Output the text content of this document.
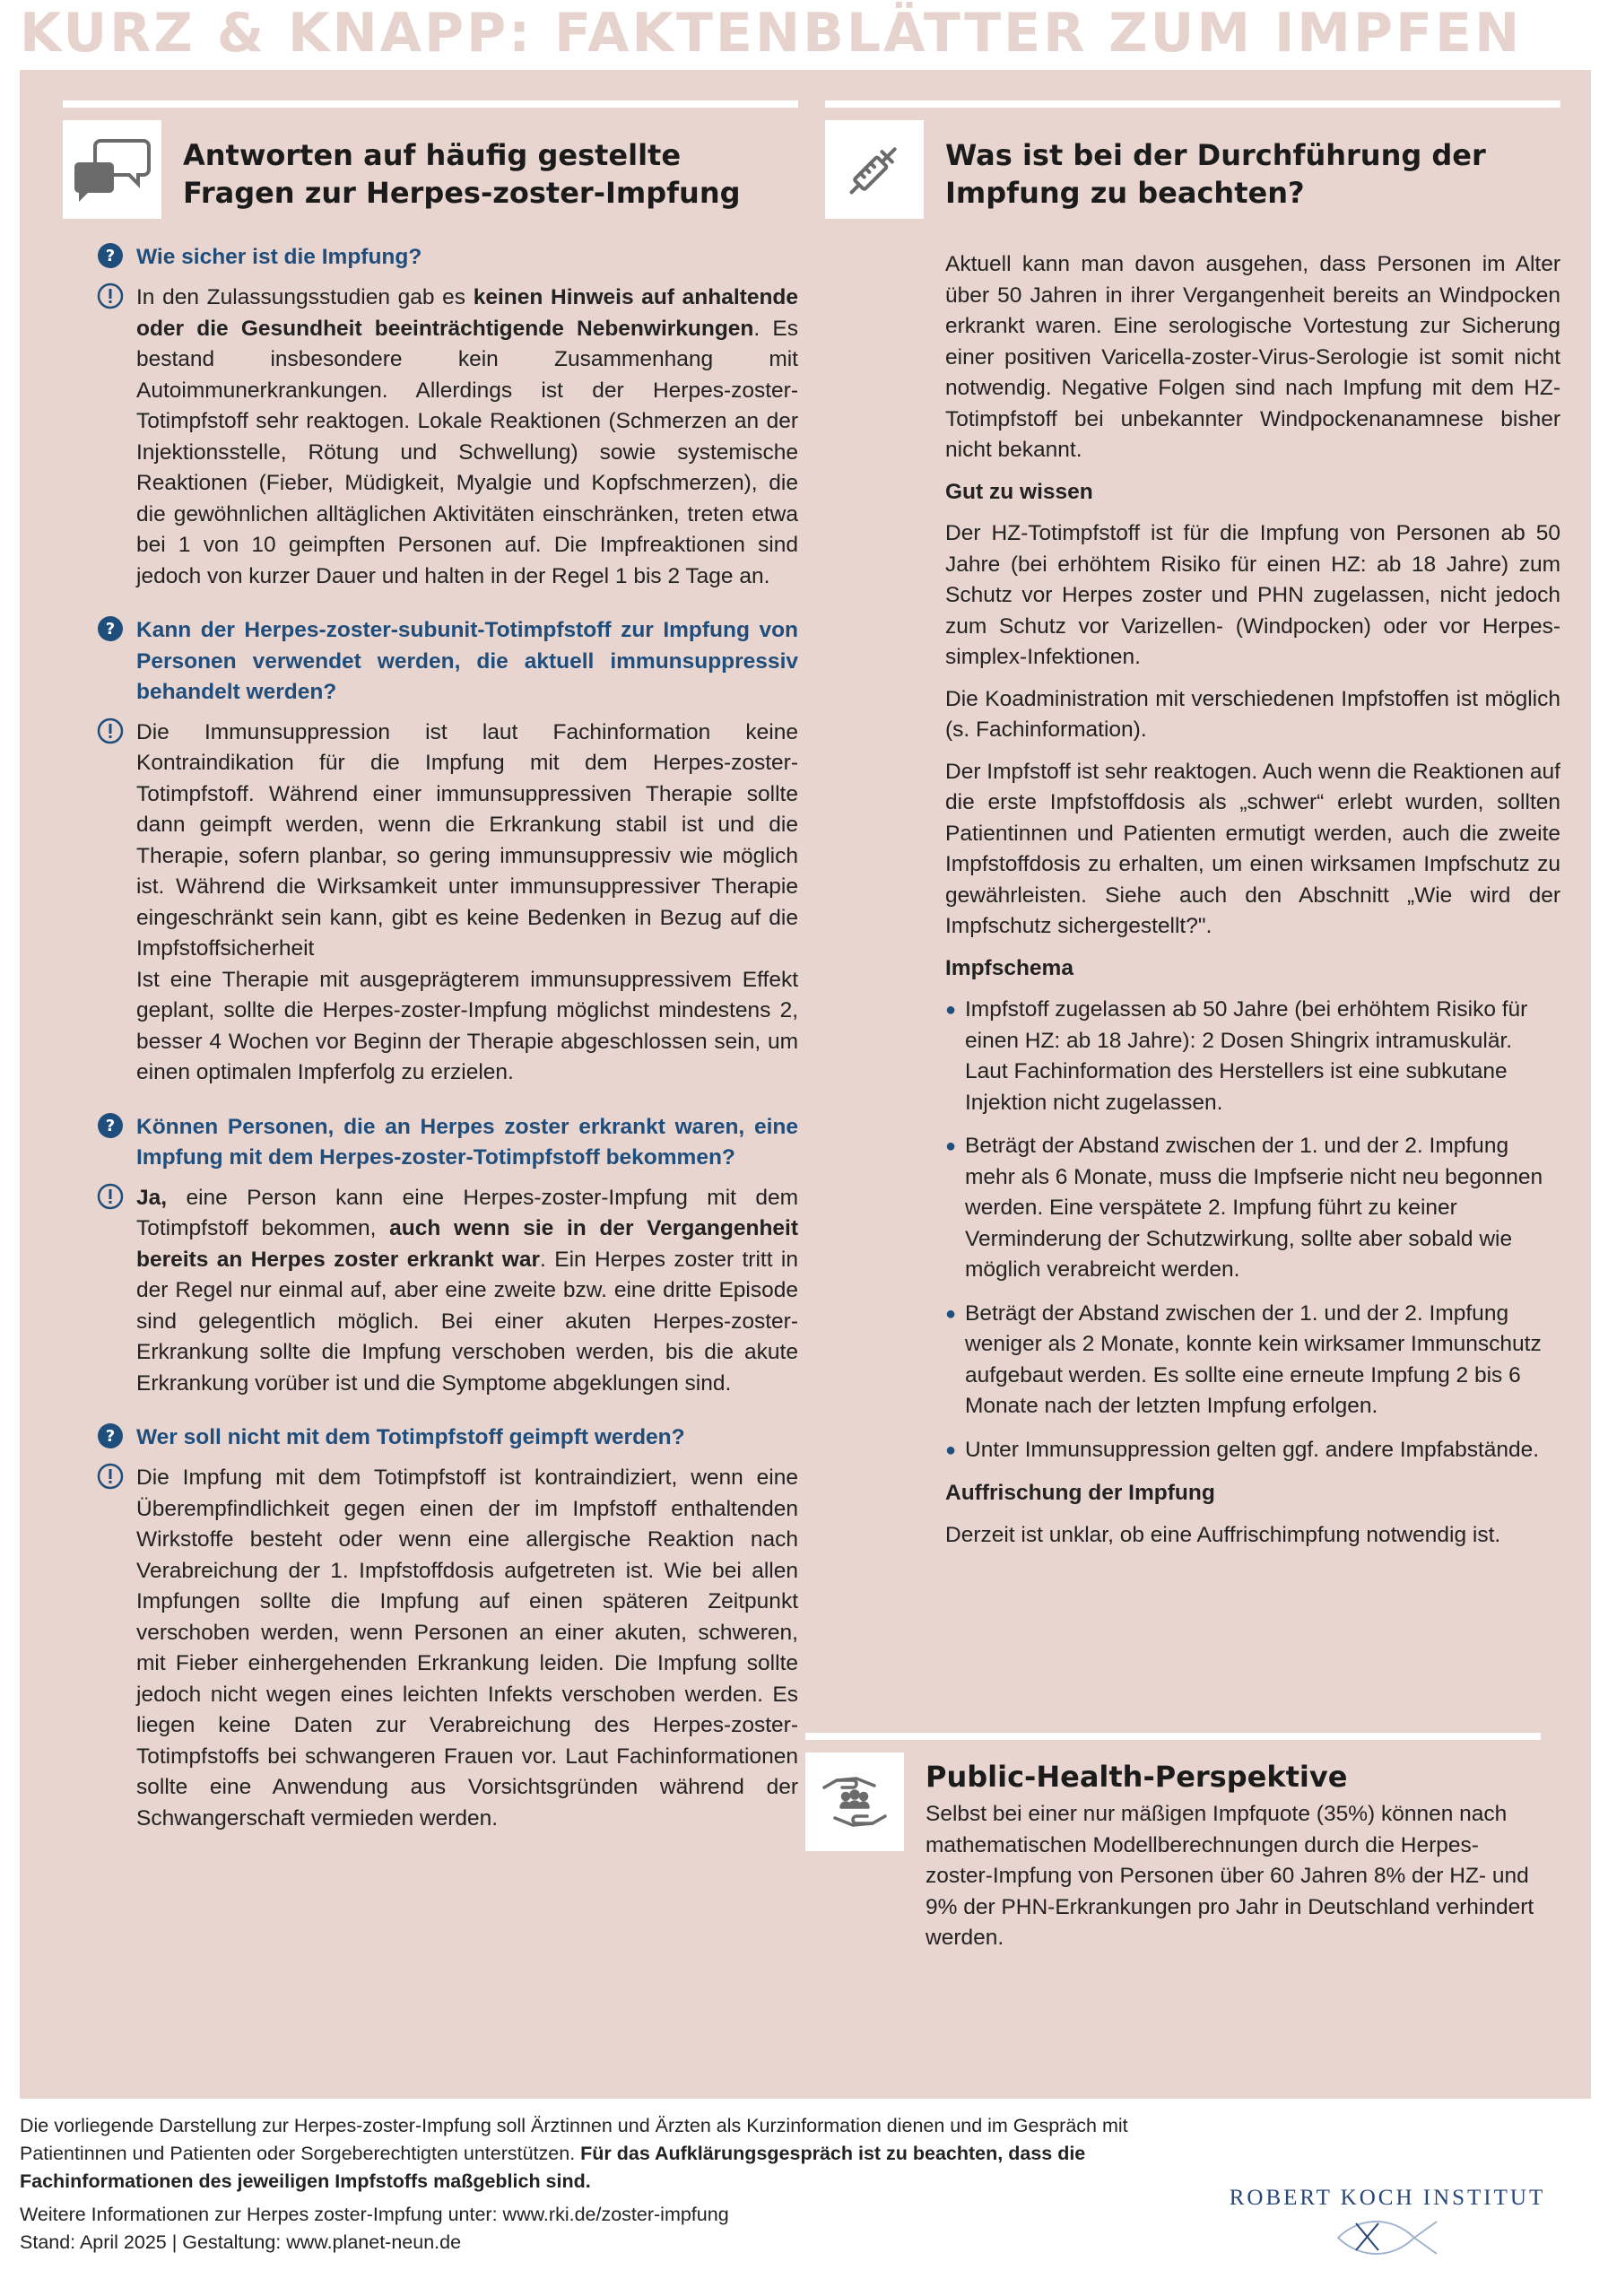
KURZ & KNAPP: FAKTENBLÄTTER ZUM IMPFEN
Antworten auf häufig gestellte
Fragen zur Herpes-zoster-Impfung
? Wie sicher ist die Impfung?

In den Zulassungsstudien gab es keinen Hinweis auf anhaltende oder die Gesundheit beeinträchtigende Nebenwirkungen. Es bestand insbesondere kein Zusammenhang mit Autoimmunerkrankungen. Allerdings ist der Herpes-zoster-Totimpfstoff sehr reaktogen. Lokale Reaktionen (Schmerzen an der Injektionsstelle, Rötung und Schwellung) sowie systemische Reaktionen (Fieber, Müdigkeit, Myalgie und Kopfschmerzen), die die gewöhnlichen alltäglichen Aktivitäten einschränken, treten etwa bei 1 von 10 geimpften Personen auf. Die Impfreaktionen sind jedoch von kurzer Dauer und halten in der Regel 1 bis 2 Tage an.

? Kann der Herpes-zoster-subunit-Totimpfstoff zur Impfung von Personen verwendet werden, die aktuell immunsuppressiv behandelt werden?

Die Immunsuppression ist laut Fachinformation keine Kontraindikation für die Impfung mit dem Herpes-zoster-Totimpfstoff. Während einer immunsuppressiven Therapie sollte dann geimpft werden, wenn die Erkrankung stabil ist und die Therapie, sofern planbar, so gering immunsuppressiv wie möglich ist. Während die Wirksamkeit unter immunsuppressiver Therapie eingeschränkt sein kann, gibt es keine Bedenken in Bezug auf die Impfstoffsicherheit

Ist eine Therapie mit ausgeprägterem immunsuppressivem Effekt geplant, sollte die Herpes-zoster-Impfung möglichst mindestens 2, besser 4 Wochen vor Beginn der Therapie abgeschlossen sein, um einen optimalen Impferfolg zu erzielen.

? Können Personen, die an Herpes zoster erkrankt waren, eine Impfung mit dem Herpes-zoster-Totimpfstoff bekommen?

Ja, eine Person kann eine Herpes-zoster-Impfung mit dem Totimpfstoff bekommen, auch wenn sie in der Vergangenheit bereits an Herpes zoster erkrankt war. Ein Herpes zoster tritt in der Regel nur einmal auf, aber eine zweite bzw. eine dritte Episode sind gelegentlich möglich. Bei einer akuten Herpes-zoster-Erkrankung sollte die Impfung verschoben werden, bis die akute Erkrankung vorüber ist und die Symptome abgeklungen sind.

? Wer soll nicht mit dem Totimpfstoff geimpft werden?

Die Impfung mit dem Totimpfstoff ist kontraindiziert, wenn eine Überempfindlichkeit gegen einen der im Impfstoff enthaltenden Wirkstoffe besteht oder wenn eine allergische Reaktion nach Verabreichung der 1. Impfstoffdosis aufgetreten ist. Wie bei allen Impfungen sollte die Impfung auf einen späteren Zeitpunkt verschoben werden, wenn Personen an einer akuten, schweren, mit Fieber einhergehenden Erkrankung leiden. Die Impfung sollte jedoch nicht wegen eines leichten Infekts verschoben werden. Es liegen keine Daten zur Verabreichung des Herpes-zoster-Totimpfstoffs bei schwangeren Frauen vor. Laut Fachinformationen sollte eine Anwendung aus Vorsichtsgründen während der Schwangerschaft vermieden werden.

Was ist bei der Durchführung der
Impfung zu beachten?

Aktuell kann man davon ausgehen, dass Personen im Alter über 50 Jahren in ihrer Vergangenheit bereits an Windpocken erkrankt waren. Eine serologische Vortestung zur Sicherung einer positiven Varicella-zoster-Virus-Serologie ist somit nicht notwendig. Negative Folgen sind nach Impfung mit dem HZ-Totimpfstoff bei unbekannter Windpockenanamnese bisher nicht bekannt.

Gut zu wissen

Der HZ-Totimpfstoff ist für die Impfung von Personen ab 50 Jahre (bei erhöhtem Risiko für einen HZ: ab 18 Jahre) zum Schutz vor Herpes zoster und PHN zugelassen, nicht jedoch zum Schutz vor Varizellen- (Windpocken) oder vor Herpes-simplex-Infektionen.

Die Koadministration mit verschiedenen Impfstoffen ist möglich (s. Fachinformation).

Der Impfstoff ist sehr reaktogen. Auch wenn die Reaktionen auf die erste Impfstoffdosis als „schwer“ erlebt wurden, sollten Patientinnen und Patienten ermutigt werden, auch die zweite Impfstoffdosis zu erhalten, um einen wirksamen Impfschutz zu gewährleisten. Siehe auch den Abschnitt „Wie wird der Impfschutz sichergestellt?".

Impfschema
● Impfstoff zugelassen ab 50 Jahre (bei erhöhtem Risiko für einen HZ: ab 18 Jahre): 2 Dosen Shingrix intramuskulär. Laut Fachinformation des Herstellers ist eine subkutane Injektion nicht zugelassen.
● Beträgt der Abstand zwischen der 1. und der 2. Impfung mehr als 6 Monate, muss die Impfserie nicht neu begonnen werden. Eine verspätete 2. Impfung führt zu keiner Verminderung der Schutzwirkung, sollte aber sobald wie möglich verabreicht werden.
● Beträgt der Abstand zwischen der 1. und der 2. Impfung weniger als 2 Monate, konnte kein wirksamer Immunschutz aufgebaut werden. Es sollte eine erneute Impfung 2 bis 6 Monate nach der letzten Impfung erfolgen.
● Unter Immunsuppression gelten ggf. andere Impfabstände.
Auffrischung der Impfung

Derzeit ist unklar, ob eine Auffrischimpfung notwendig ist.

Public-Health-Perspektive

Selbst bei einer nur mäßigen Impfquote (35%) können nach mathematischen Modellberechnungen durch die Herpes-zoster-Impfung von Personen über 60 Jahren 8% der HZ- und 9% der PHN-Erkrankungen pro Jahr in Deutschland verhindert werden.

Die vorliegende Darstellung zur Herpes-zoster-Impfung soll Ärztinnen und Ärzten als Kurzinformation dienen und im Gespräch mit Patientinnen und Patienten oder Sorgeberechtigten unterstützen. Für das Aufklärungsgespräch ist zu beachten, dass die Fachinformationen des jeweiligen Impfstoffs maßgeblich sind.
Weitere Informationen zur Herpes zoster-Impfung unter: www.rki.de/zoster-impfung
Stand: April 2025 | Gestaltung: www.planet-neun.de
ROBERT KOCH INSTITUT
